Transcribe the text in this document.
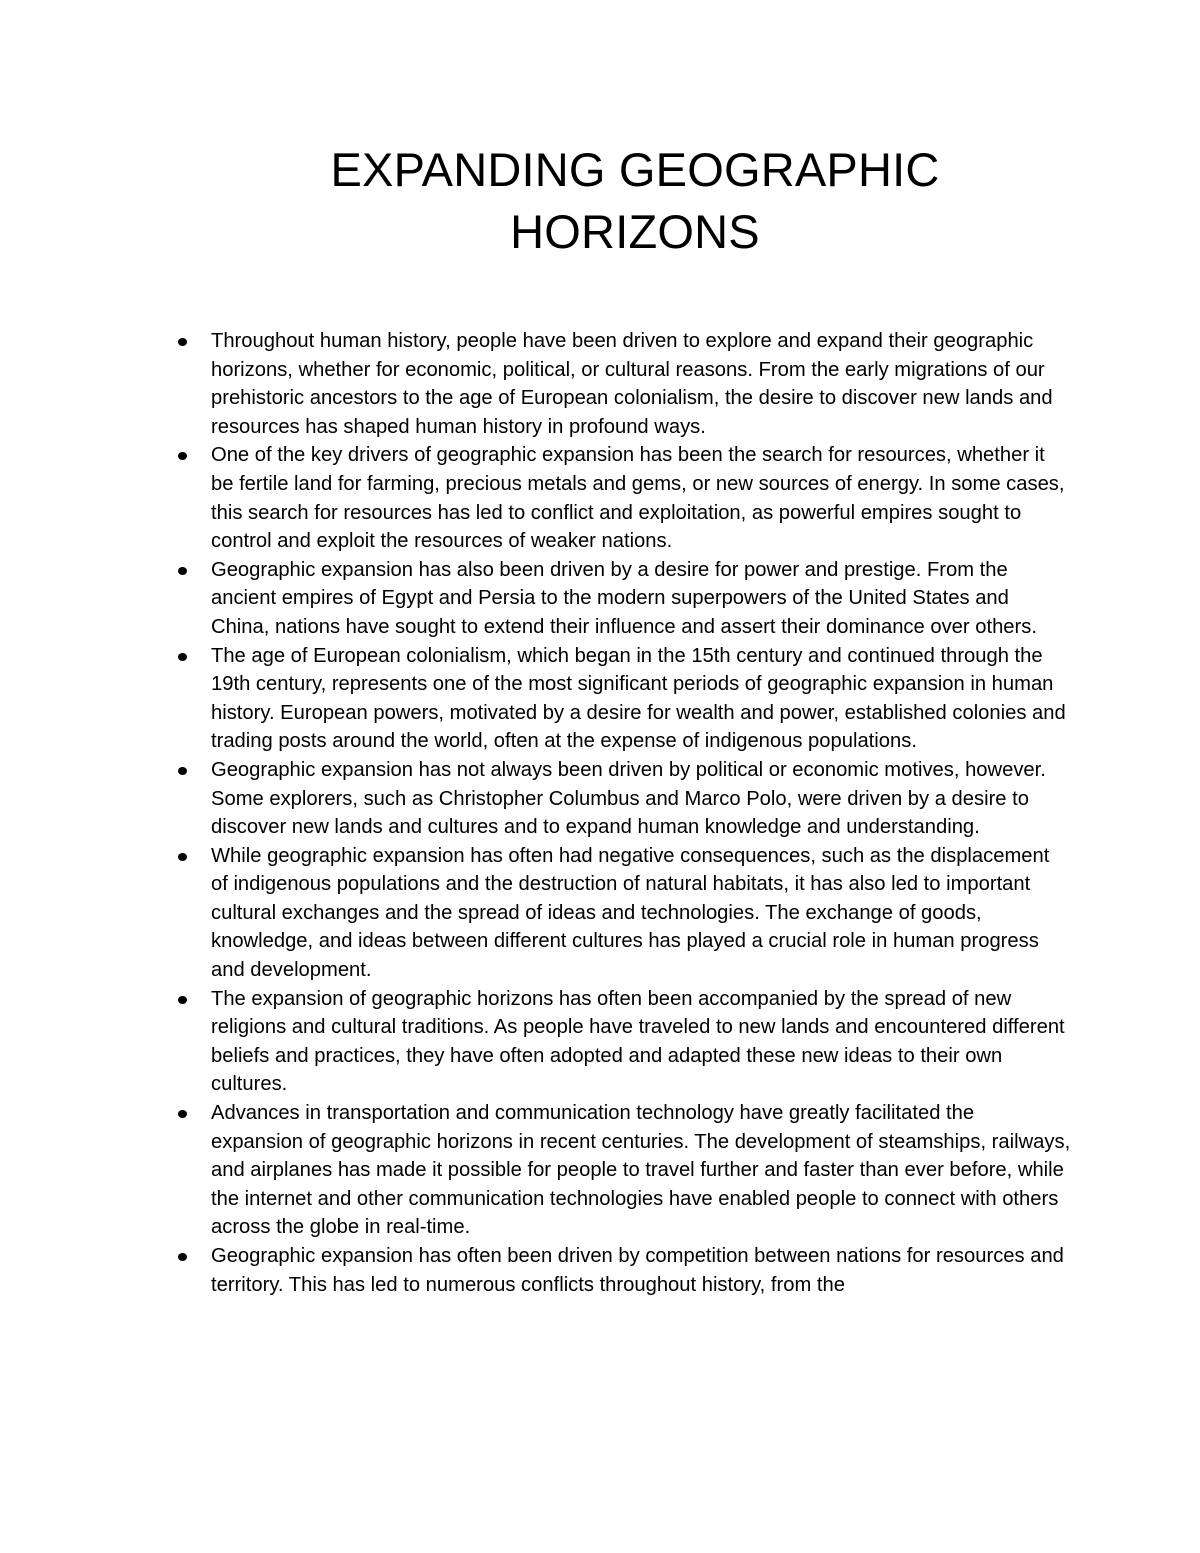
EXPANDING GEOGRAPHIC
HORIZONS
Throughout human history, people have been driven to explore and expand their geographic horizons, whether for economic, political, or cultural reasons. From the early migrations of our prehistoric ancestors to the age of European colonialism, the desire to discover new lands and resources has shaped human history in profound ways.
One of the key drivers of geographic expansion has been the search for resources, whether it be fertile land for farming, precious metals and gems, or new sources of energy. In some cases, this search for resources has led to conflict and exploitation, as powerful empires sought to control and exploit the resources of weaker nations.
Geographic expansion has also been driven by a desire for power and prestige. From the ancient empires of Egypt and Persia to the modern superpowers of the United States and China, nations have sought to extend their influence and assert their dominance over others.
The age of European colonialism, which began in the 15th century and continued through the 19th century, represents one of the most significant periods of geographic expansion in human history. European powers, motivated by a desire for wealth and power, established colonies and trading posts around the world, often at the expense of indigenous populations.
Geographic expansion has not always been driven by political or economic motives, however. Some explorers, such as Christopher Columbus and Marco Polo, were driven by a desire to discover new lands and cultures and to expand human knowledge and understanding.
While geographic expansion has often had negative consequences, such as the displacement of indigenous populations and the destruction of natural habitats, it has also led to important cultural exchanges and the spread of ideas and technologies. The exchange of goods, knowledge, and ideas between different cultures has played a crucial role in human progress and development.
The expansion of geographic horizons has often been accompanied by the spread of new religions and cultural traditions. As people have traveled to new lands and encountered different beliefs and practices, they have often adopted and adapted these new ideas to their own cultures.
Advances in transportation and communication technology have greatly facilitated the expansion of geographic horizons in recent centuries. The development of steamships, railways, and airplanes has made it possible for people to travel further and faster than ever before, while the internet and other communication technologies have enabled people to connect with others across the globe in real-time.
Geographic expansion has often been driven by competition between nations for resources and territory. This has led to numerous conflicts throughout history, from the
